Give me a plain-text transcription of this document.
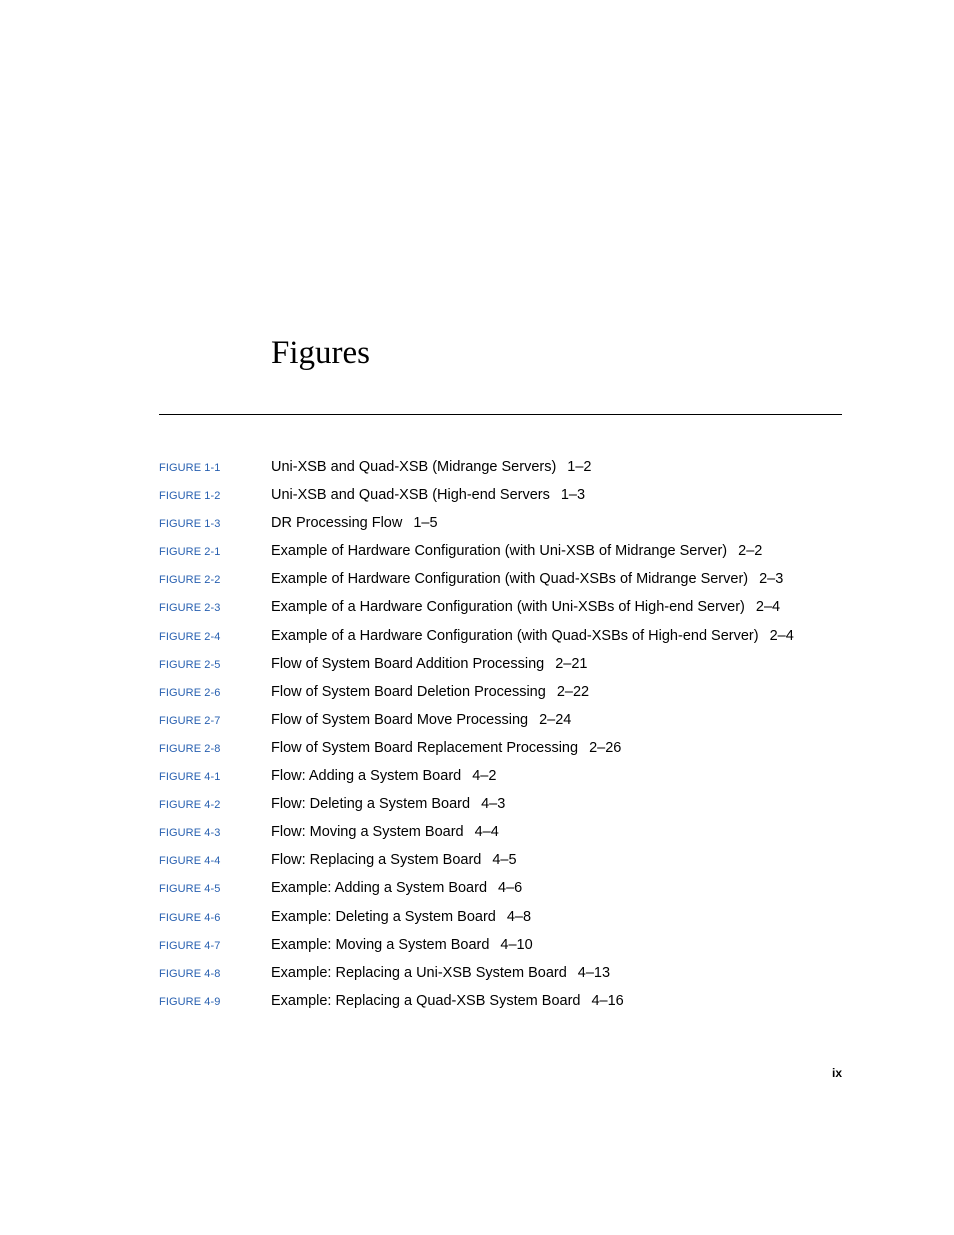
Figures
FIGURE 1-1	Uni-XSB and Quad-XSB (Midrange Servers) 1–2
FIGURE 1-2	Uni-XSB and Quad-XSB (High-end Servers 1–3
FIGURE 1-3	DR Processing Flow 1–5
FIGURE 2-1	Example of Hardware Configuration (with Uni-XSB of Midrange Server) 2–2
FIGURE 2-2	Example of Hardware Configuration (with Quad-XSBs of Midrange Server) 2–3
FIGURE 2-3	Example of a Hardware Configuration (with Uni-XSBs of High-end Server) 2–4
FIGURE 2-4	Example of a Hardware Configuration (with Quad-XSBs of High-end Server) 2–4
FIGURE 2-5	Flow of System Board Addition Processing 2–21
FIGURE 2-6	Flow of System Board Deletion Processing 2–22
FIGURE 2-7	Flow of System Board Move Processing 2–24
FIGURE 2-8	Flow of System Board Replacement Processing 2–26
FIGURE 4-1	Flow: Adding a System Board 4–2
FIGURE 4-2	Flow: Deleting a System Board 4–3
FIGURE 4-3	Flow: Moving a System Board 4–4
FIGURE 4-4	Flow: Replacing a System Board 4–5
FIGURE 4-5	Example: Adding a System Board 4–6
FIGURE 4-6	Example: Deleting a System Board 4–8
FIGURE 4-7	Example: Moving a System Board 4–10
FIGURE 4-8	Example: Replacing a Uni-XSB System Board 4–13
FIGURE 4-9	Example: Replacing a Quad-XSB System Board 4–16
ix
